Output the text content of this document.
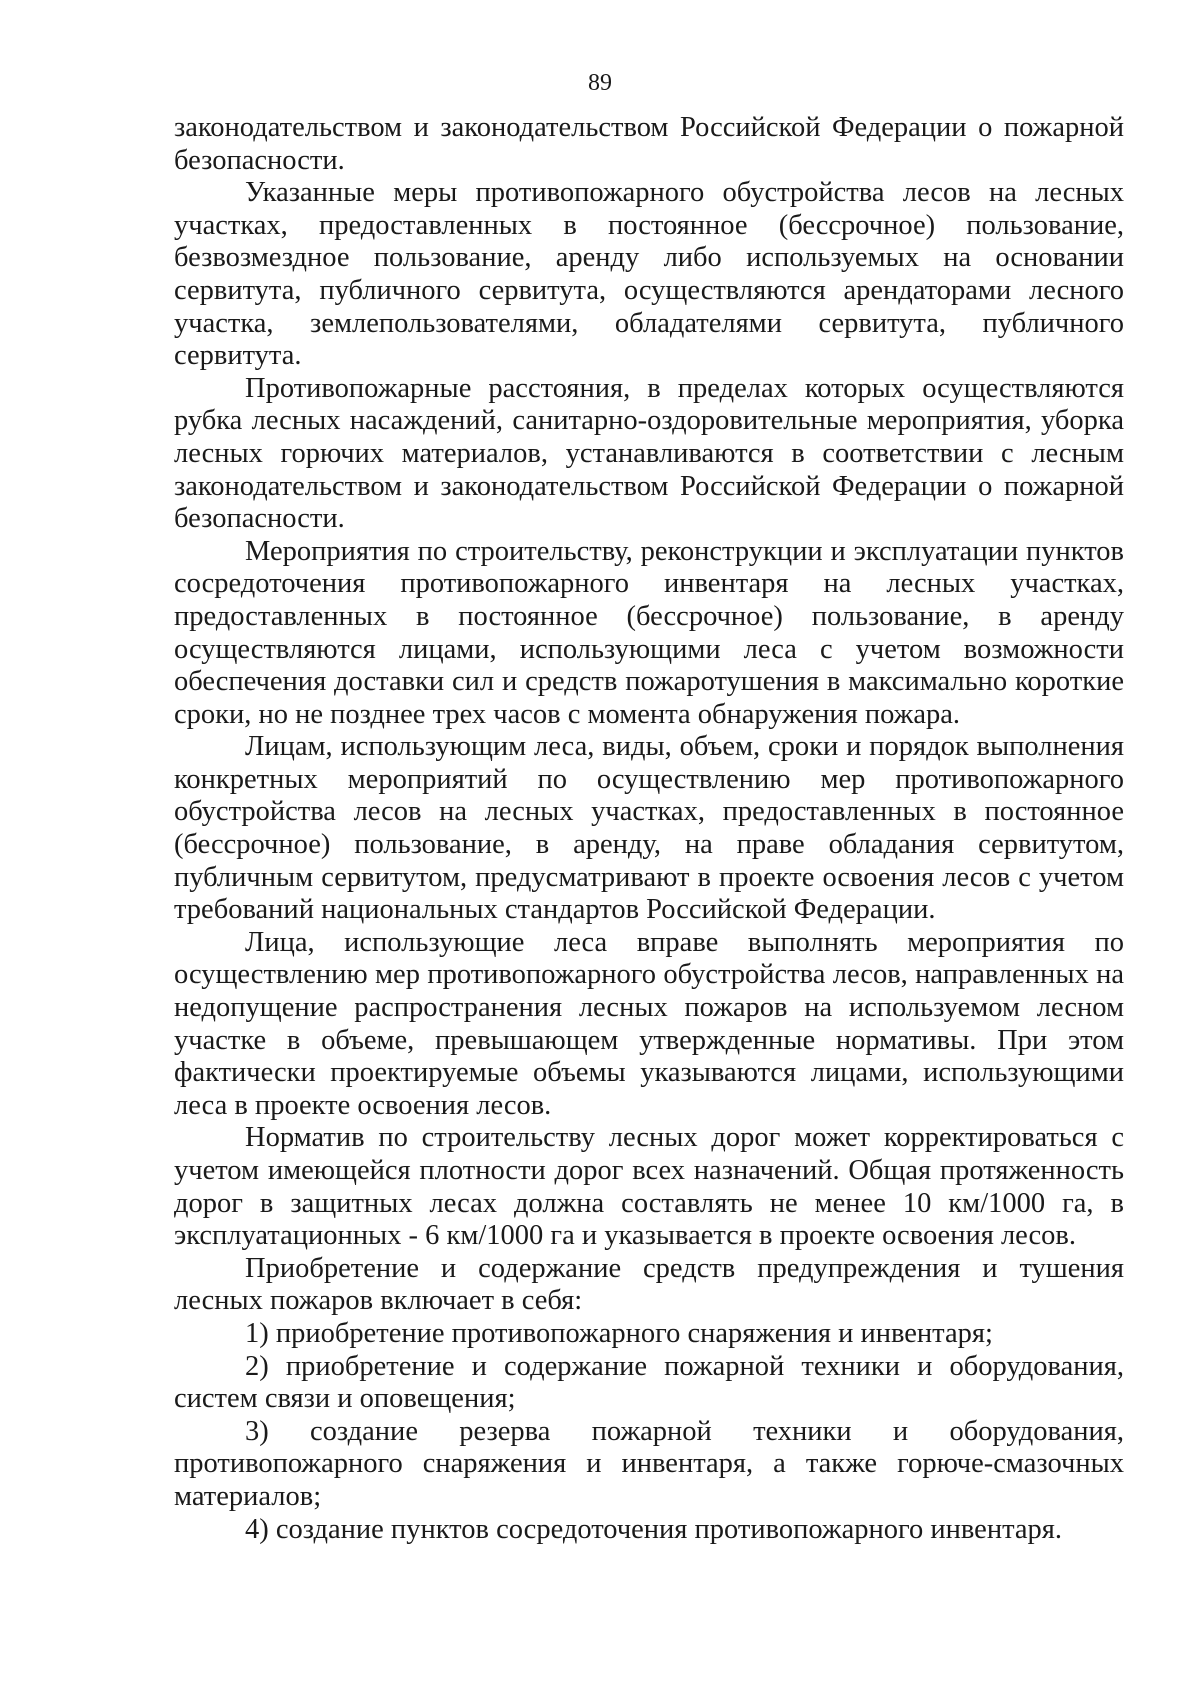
89

законодательством и законодательством Российской Федерации о пожарной безопасности.

Указанные меры противопожарного обустройства лесов на лесных участках, предоставленных в постоянное (бессрочное) пользование, безвозмездное пользование, аренду либо используемых на основании сервитута, публичного сервитута, осуществляются арендаторами лесного участка, землепользователями, обладателями сервитута, публичного сервитута.

Противопожарные расстояния, в пределах которых осуществляются рубка лесных насаждений, санитарно-оздоровительные мероприятия, уборка лесных горючих материалов, устанавливаются в соответствии с лесным законодательством и законодательством Российской Федерации о пожарной безопасности.

Мероприятия по строительству, реконструкции и эксплуатации пунктов сосредоточения противопожарного инвентаря на лесных участках, предоставленных в постоянное (бессрочное) пользование, в аренду осуществляются лицами, использующими леса с учетом возможности обеспечения доставки сил и средств пожаротушения в максимально короткие сроки, но не позднее трех часов с момента обнаружения пожара.

Лицам, использующим леса, виды, объем, сроки и порядок выполнения конкретных мероприятий по осуществлению мер противопожарного обустройства лесов на лесных участках, предоставленных в постоянное (бессрочное) пользование, в аренду, на праве обладания сервитутом, публичным сервитутом, предусматривают в проекте освоения лесов с учетом требований национальных стандартов Российской Федерации.

Лица, использующие леса вправе выполнять мероприятия по осуществлению мер противопожарного обустройства лесов, направленных на недопущение распространения лесных пожаров на используемом лесном участке в объеме, превышающем утвержденные нормативы. При этом фактически проектируемые объемы указываются лицами, использующими леса в проекте освоения лесов.

Норматив по строительству лесных дорог может корректироваться с учетом имеющейся плотности дорог всех назначений. Общая протяженность дорог в защитных лесах должна составлять не менее 10 км/1000 га, в эксплуатационных - 6 км/1000 га и указывается в проекте освоения лесов.

Приобретение и содержание средств предупреждения и тушения лесных пожаров включает в себя:

1) приобретение противопожарного снаряжения и инвентаря;

2) приобретение и содержание пожарной техники и оборудования, систем связи и оповещения;

3) создание резерва пожарной техники и оборудования, противопожарного снаряжения и инвентаря, а также горюче-смазочных материалов;

4) создание пунктов сосредоточения противопожарного инвентаря.
